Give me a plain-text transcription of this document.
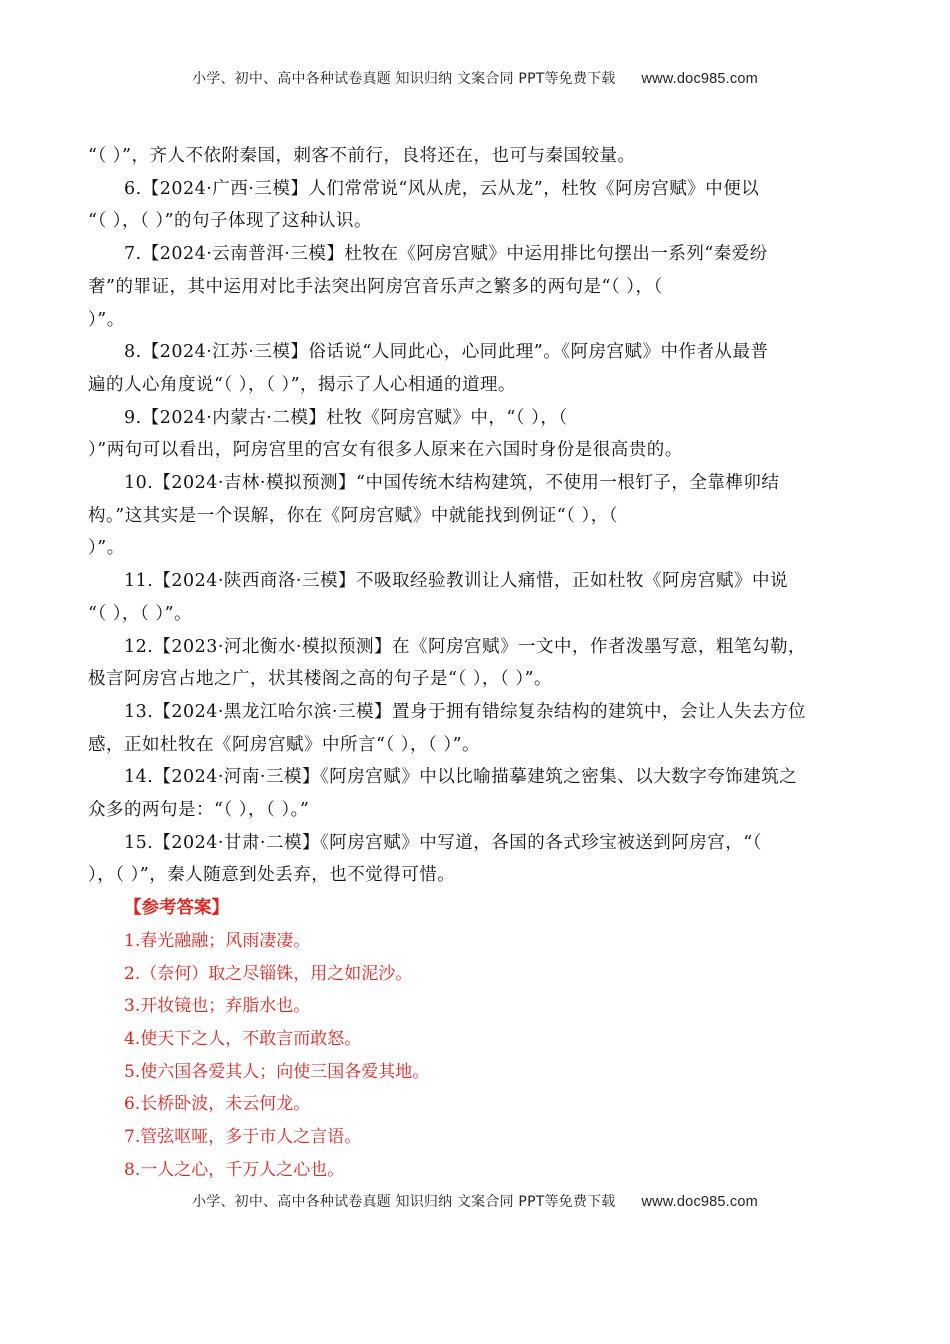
小学、初中、高中各种试卷真题 知识归纳 文案合同 PPT等免费下载 www.doc985.com
“（ ）”，齐人不依附秦国，刺客不前行，良将还在，也可与秦国较量。
6.【2024·广西·三模】人们常常说“风从虎，云从龙”，杜牧《阿房宫赋》中便以
“（ ），（ ）”的句子体现了这种认识。
7.【2024·云南普洱·三模】杜牧在《阿房宫赋》中运用排比句摆出一系列“秦爱纷
奢”的罪证，其中运用对比手法突出阿房宫音乐声之繁多的两句是“（ ），（
）”。
8.【2024·江苏·三模】俗话说“人同此心，心同此理”。《阿房宫赋》中作者从最普
遍的人心角度说“（ ），（ ）”，揭示了人心相通的道理。
9.【2024·内蒙古·二模】杜牧《阿房宫赋》中，“（ ），（
）”两句可以看出，阿房宫里的宫女有很多人原来在六国时身份是很高贵的。
10.【2024·吉林·模拟预测】“中国传统木结构建筑，不使用一根钉子，全靠榫卯结
构。”这其实是一个误解，你在《阿房宫赋》中就能找到例证“（ ），（
）”。
11.【2024·陕西商洛·三模】不吸取经验教训让人痛惜，正如杜牧《阿房宫赋》中说
“（ ），（ ）”。
12.【2023·河北衡水·模拟预测】在《阿房宫赋》一文中，作者泼墨写意，粗笔勾勒，
极言阿房宫占地之广，状其楼阁之高的句子是“（ ），（ ）”。
13.【2024·黑龙江哈尔滨·三模】置身于拥有错综复杂结构的建筑中，会让人失去方位
感，正如杜牧在《阿房宫赋》中所言“（ ），（ ）”。
14.【2024·河南·三模】《阿房宫赋》中以比喻描摹建筑之密集、以大数字夸饰建筑之
众多的两句是：“（ ），（ ）。”
15.【2024·甘肃·二模】《阿房宫赋》中写道，各国的各式珍宝被送到阿房宫，“（
），（ ）”，秦人随意到处丢弃，也不觉得可惜。
【参考答案】
1.春光融融；风雨凄凄。
2.（奈何）取之尽锱铢，用之如泥沙。
3.开妆镜也；弃脂水也。
4.使天下之人，不敢言而敢怒。
5.使六国各爱其人；向使三国各爱其地。
6.长桥卧波，未云何龙。
7.管弦呕哑，多于市人之言语。
8.一人之心，千万人之心也。
小学、初中、高中各种试卷真题 知识归纳 文案合同 PPT等免费下载 www.doc985.com
